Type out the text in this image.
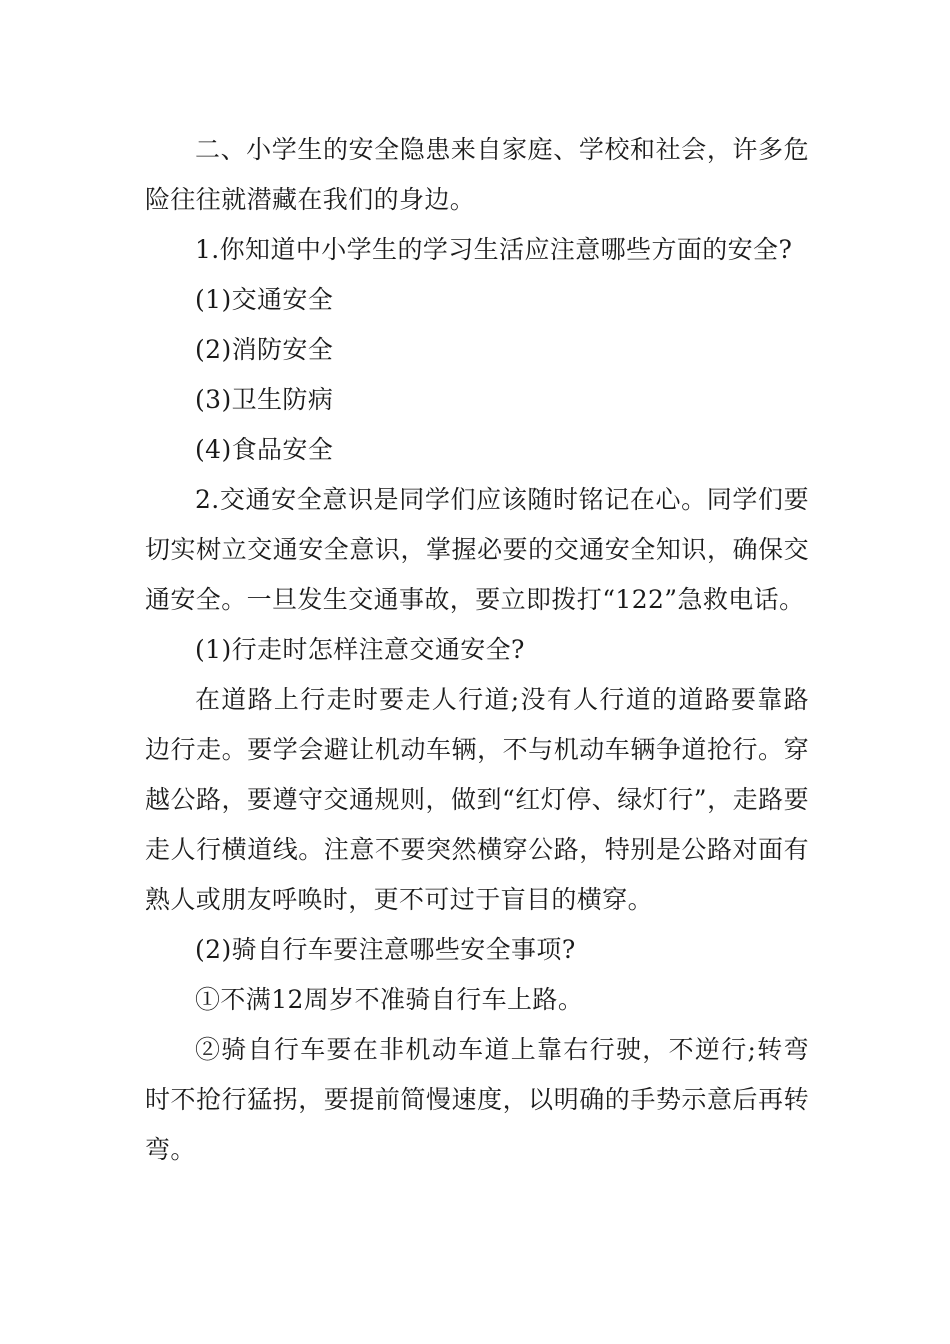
二、小学生的安全隐患来自家庭、学校和社会，许多危险往往就潜藏在我们的身边。

1.你知道中小学生的学习生活应注意哪些方面的安全?

(1)交通安全

(2)消防安全

(3)卫生防病

(4)食品安全

2.交通安全意识是同学们应该随时铭记在心。同学们要切实树立交通安全意识，掌握必要的交通安全知识，确保交通安全。一旦发生交通事故，要立即拨打“122”急救电话。

(1)行走时怎样注意交通安全?

在道路上行走时要走人行道;没有人行道的道路要靠路边行走。要学会避让机动车辆，不与机动车辆争道抢行。穿越公路，要遵守交通规则，做到“红灯停、绿灯行”，走路要走人行横道线。注意不要突然横穿公路，特别是公路对面有熟人或朋友呼唤时，更不可过于盲目的横穿。

(2)骑自行车要注意哪些安全事项?

①不满12周岁不准骑自行车上路。

②骑自行车要在非机动车道上靠右行驶，不逆行;转弯时不抢行猛拐，要提前简慢速度，以明确的手势示意后再转弯。
